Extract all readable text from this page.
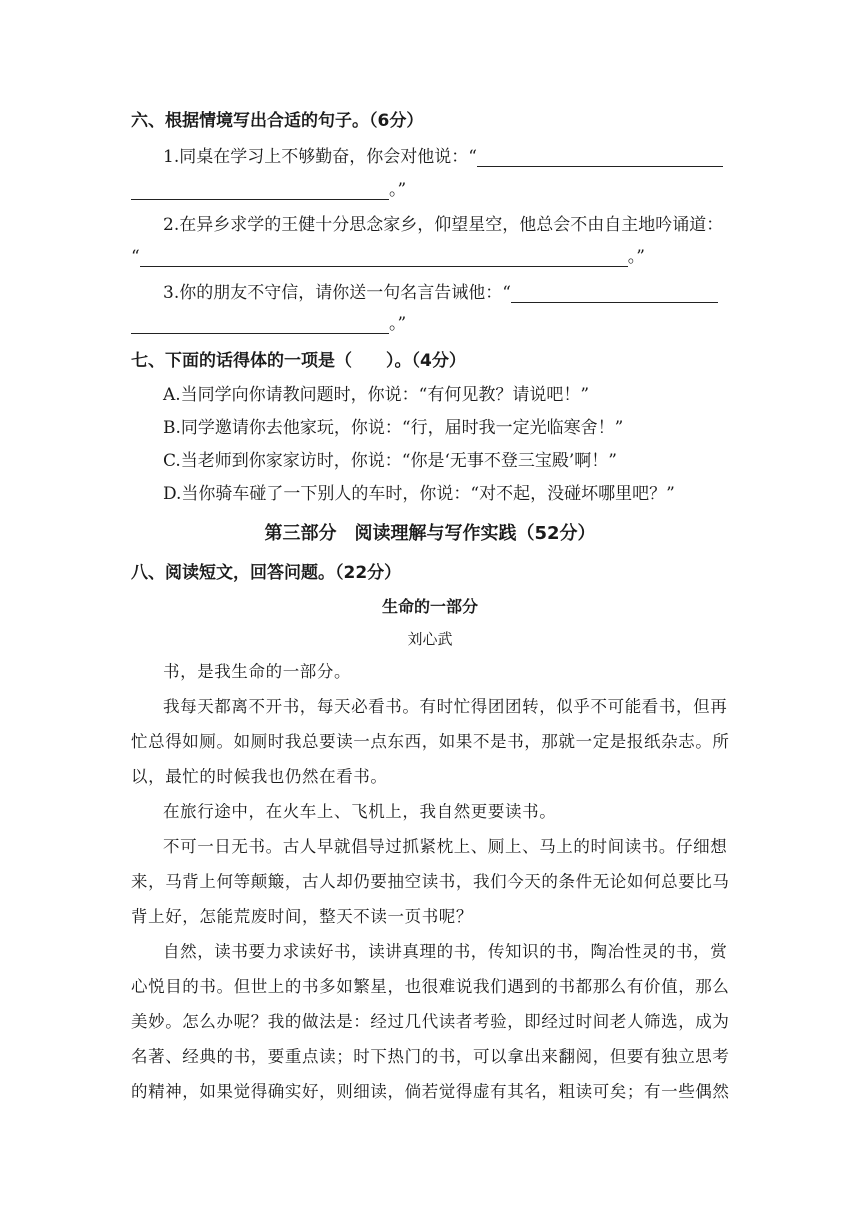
六、根据情境写出合适的句子。（6分）
1.同桌在学习上不够勤奋，你会对他说：“
。”
2.在异乡求学的王健十分思念家乡，仰望星空，他总会不由自主地吟诵道：
“	。”
3.你的朋友不守信，请你送一句名言告诫他：“
。”
七、下面的话得体的一项是（　　）。（4分）
A.当同学向你请教问题时，你说：“有何见教？请说吧！”
B.同学邀请你去他家玩，你说：“行，届时我一定光临寒舍！”
C.当老师到你家家访时，你说：“你是‘无事不登三宝殿’啊！”
D.当你骑车碰了一下别人的车时，你说：“对不起，没碰坏哪里吧？”
第三部分　阅读理解与写作实践（52分）
八、阅读短文，回答问题。（22分）
生命的一部分
刘心武
书，是我生命的一部分。
我每天都离不开书，每天必看书。有时忙得团团转，似乎不可能看书，但再
忙总得如厕。如厕时我总要读一点东西，如果不是书，那就一定是报纸杂志。所
以，最忙的时候我也仍然在看书。
在旅行途中，在火车上、飞机上，我自然更要读书。
不可一日无书。古人早就倡导过抓紧枕上、厕上、马上的时间读书。仔细想
来，马背上何等颠簸，古人却仍要抽空读书，我们今天的条件无论如何总要比马
背上好，怎能荒废时间，整天不读一页书呢？
自然，读书要力求读好书，读讲真理的书，传知识的书，陶冶性灵的书，赏
心悦目的书。但世上的书多如繁星，也很难说我们遇到的书都那么有价值，那么
美妙。怎么办呢？我的做法是：经过几代读者考验，即经过时间老人筛选，成为
名著、经典的书，要重点读；时下热门的书，可以拿出来翻阅，但要有独立思考
的精神，如果觉得确实好，则细读，倘若觉得虚有其名，粗读可矣；有一些偶然
